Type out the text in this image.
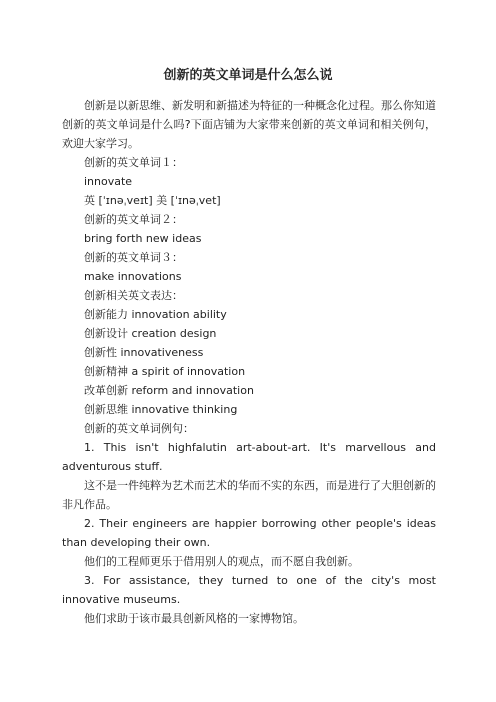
创新的英文单词是什么怎么说
创新是以新思维、新发明和新描述为特征的一种概念化过程。那么你知道创新的英文单词是什么吗?下面店铺为大家带来创新的英文单词和相关例句，欢迎大家学习。
创新的英文单词１：
innovate
英 [ˈɪnəˌveɪt] 美 [ˈɪnəˌvet]
创新的英文单词２：
bring forth new ideas
创新的英文单词３：
make innovations
创新相关英文表达：
创新能力 innovation ability
创新设计 creation design
创新性 innovativeness
创新精神 a spirit of innovation
改革创新 reform and innovation
创新思维 innovative thinking
创新的英文单词例句：
1. This isn't highfalutin art-about-art. It's marvellous and adventurous stuff.
这不是一件纯粹为艺术而艺术的华而不实的东西，而是进行了大胆创新的非凡作品。
2. Their engineers are happier borrowing other people's ideas than developing their own.
他们的工程师更乐于借用别人的观点，而不愿自我创新。
3. For assistance, they turned to one of the city's most innovative museums.
他们求助于该市最具创新风格的一家博物馆。
